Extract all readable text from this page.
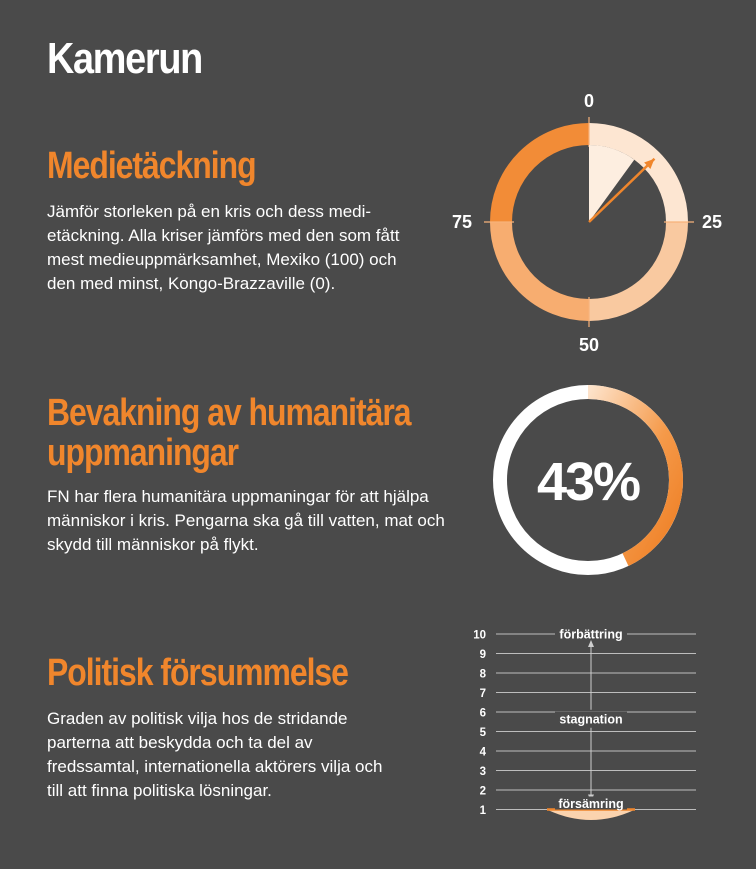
Kamerun
Medietäckning
Jämför storleken på en kris och dess medi-etäckning. Alla kriser jämförs med den som fått mest medieuppmärksamhet, Mexiko (100) och den med minst, Kongo-Brazzaville (0).
0
25
50
75
Bevakning av humanitära
uppmaningar
FN har flera humanitära uppmaningar för att hjälpa människor i kris. Pengarna ska gå till vatten, mat och skydd till människor på flykt.
43%
Politisk försummelse
Graden av politisk vilja hos de stridande parterna att beskydda och ta del av fredssamtal, internationella aktörers vilja och till att finna politiska lösningar.
1
2
3
4
5
6
7
8
9
10	förbättring
stagnation
försämring
